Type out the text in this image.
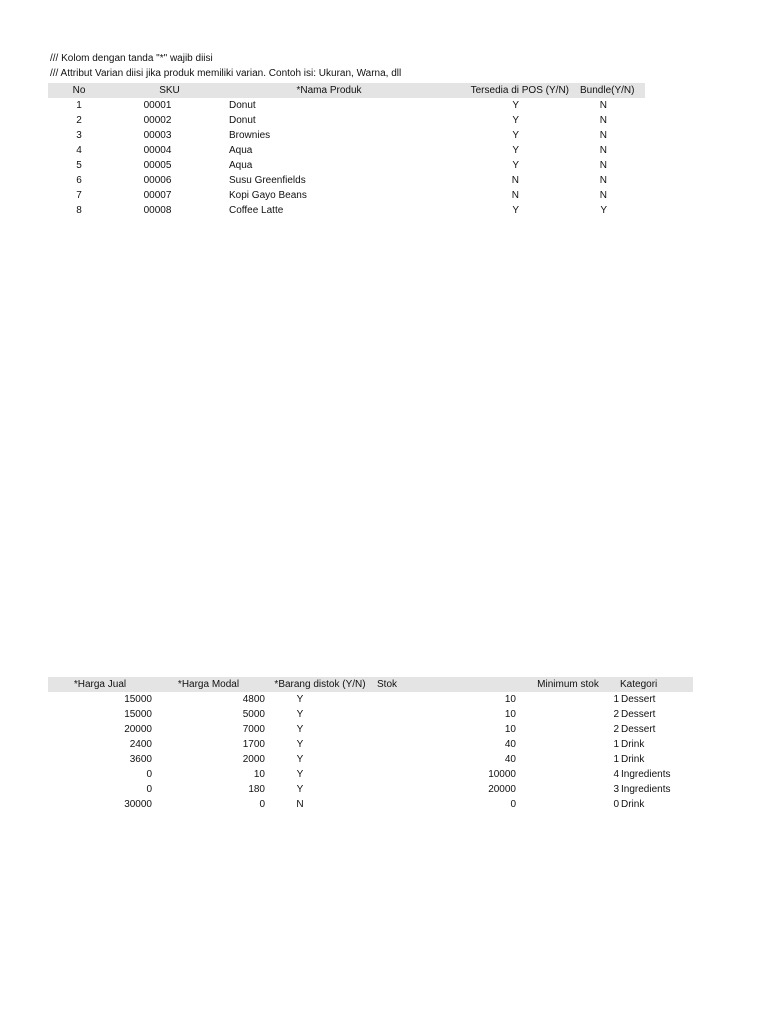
/// Kolom dengan tanda "*" wajib diisi
/// Attribut Varian diisi jika produk memiliki varian. Contoh isi: Ukuran, Warna, dll
No	SKU	*Nama Produk	Tersedia di POS (Y/N)	Bundle(Y/N)	
1	00001	Donut	Y	N	
2	00002	Donut	Y	N	
3	00003	Brownies	Y	N	
4	00004	Aqua	Y	N	
5	00005	Aqua	Y	N	
6	00006	Susu Greenfields	N	N	
7	00007	Kopi Gayo Beans	N	N	
8	00008	Coffee Latte	Y	Y	
*Harga Jual	*Harga Modal	*Barang distok (Y/N)	Stok	Minimum stok	Kategori
15000	4800	Y	10	1	Dessert
15000	5000	Y	10	2	Dessert
20000	7000	Y	10	2	Dessert
2400	1700	Y	40	1	Drink
3600	2000	Y	40	1	Drink
0	10	Y	10000	4	Ingredients
0	180	Y	20000	3	Ingredients
30000	0	N	0	0	Drink
